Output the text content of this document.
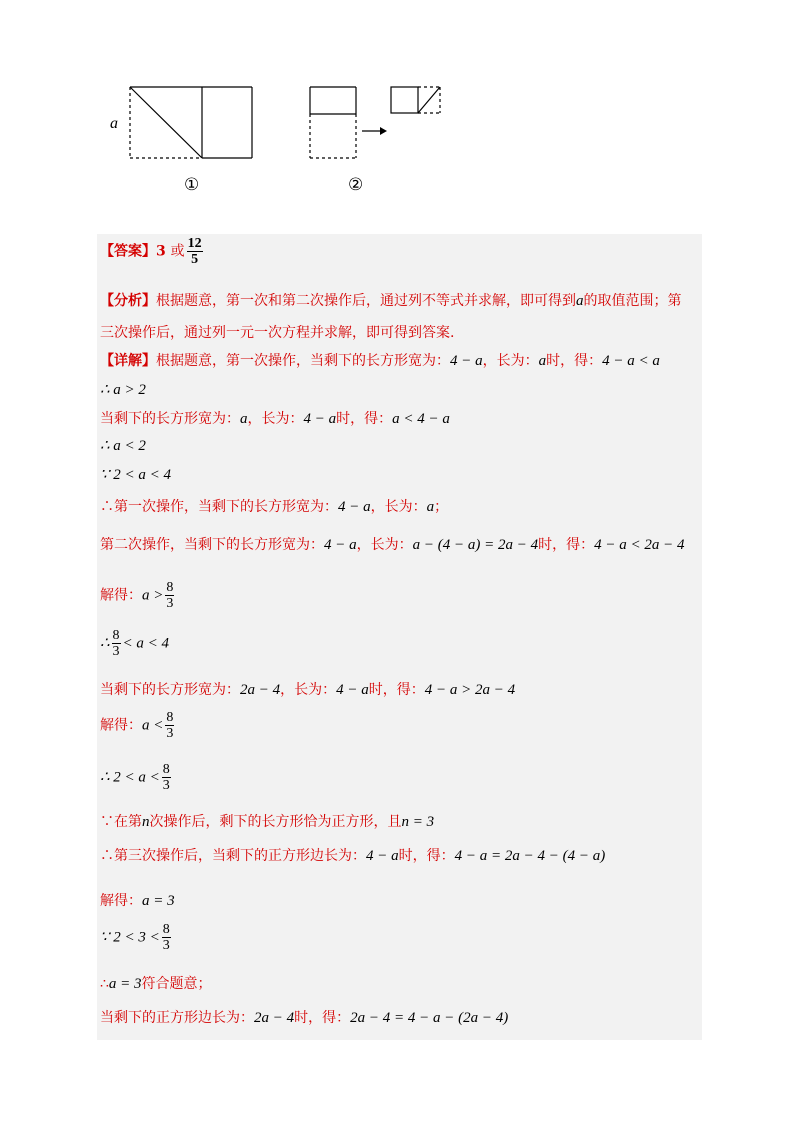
a
①	②
【答案】3 或 $\frac{12}{5}$
【分析】根据题意，第一次和第二次操作后，通过列不等式并求解，即可得到a的取值范围；第
三次操作后，通过列一元一次方程并求解，即可得到答案.
【详解】根据题意，第一次操作，当剩下的长方形宽为：4 − a，长为：a时，得：4 − a < a
∴ a > 2
当剩下的长方形宽为：a，长为：4 − a时，得：a < 4 − a
∴ a < 2
∵ 2 < a < 4
∴第一次操作，当剩下的长方形宽为：4 − a，长为：a；
第二次操作，当剩下的长方形宽为：4 − a，长为：a − (4 − a) = 2a − 4时，得：4 − a < 2a − 4
解得：$a > \frac{8}{3}$
∴ $\frac{8}{3} < a < 4$
当剩下的长方形宽为：2a − 4，长为：4 − a时，得：4 − a > 2a − 4
解得：$a < \frac{8}{3}$
∴ $2 < a < \frac{8}{3}$
∵在第n次操作后，剩下的长方形恰为正方形，且n = 3
∴第三次操作后，当剩下的正方形边长为：4 − a时，得：4 − a = 2a − 4 − (4 − a)
解得：a = 3
∵ $2 < 3 < \frac{8}{3}$
∴a = 3符合题意；
当剩下的正方形边长为：2a − 4时，得：2a − 4 = 4 − a − (2a − 4)
